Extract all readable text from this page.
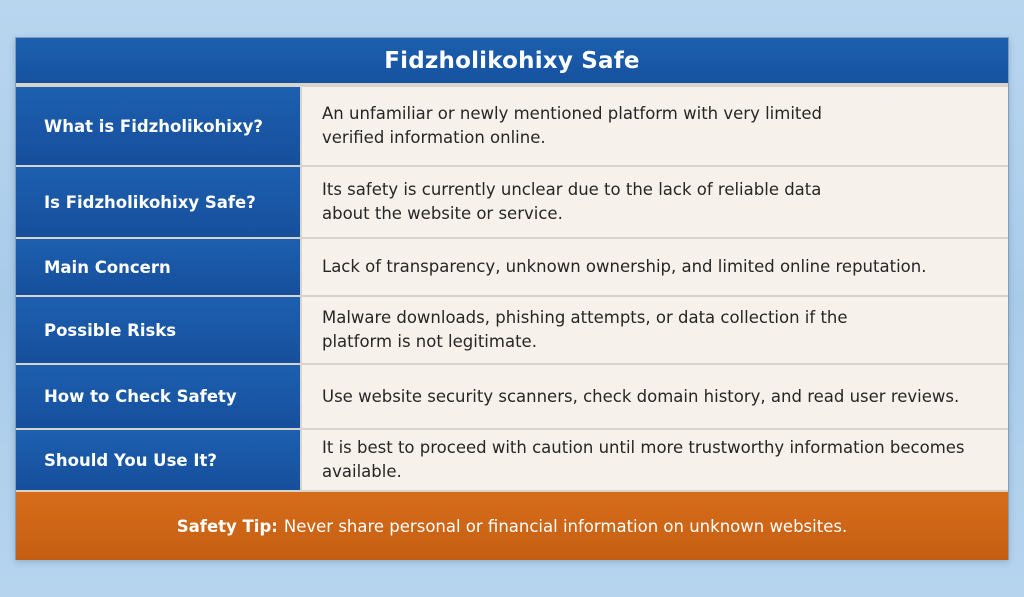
Fidzholikohixy Safe
What is Fidzholikohixy?
An unfamiliar or newly mentioned platform with very limited
verified information online.
Is Fidzholikohixy Safe?
Its safety is currently unclear due to the lack of reliable data
about the website or service.
Main Concern	Lack of transparency, unknown ownership, and limited online reputation.
Possible Risks
Malware downloads, phishing attempts, or data collection if the
platform is not legitimate.
How to Check Safety	Use website security scanners, check domain history, and read user reviews.
Should You Use It?
It is best to proceed with caution until more trustworthy information becomes available.
Safety Tip: Never share personal or financial information on unknown websites.
